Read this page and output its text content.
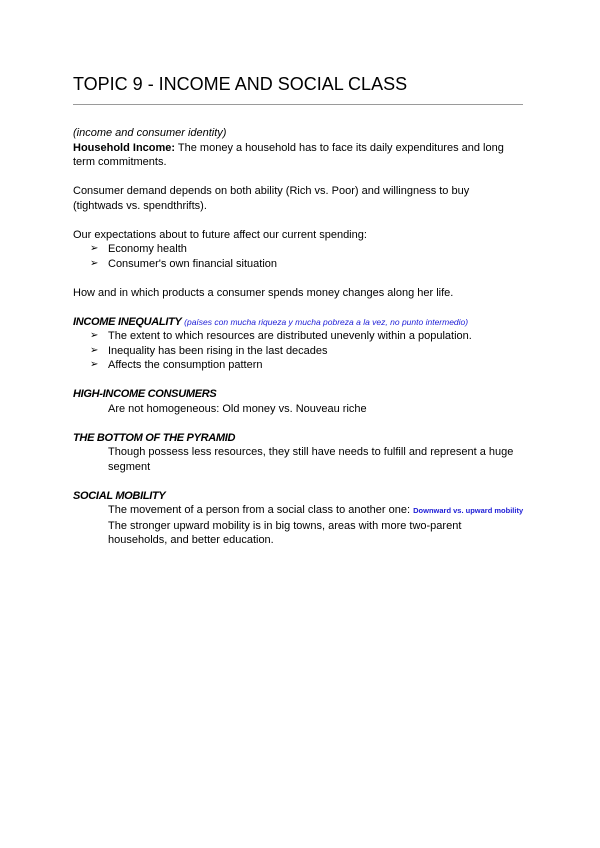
TOPIC 9 - INCOME AND SOCIAL CLASS
(income and consumer identity)
Household Income: The money a household has to face its daily expenditures and long
term commitments.
Consumer demand depends on both ability (Rich vs. Poor) and willingness to buy
(tightwads vs. spendthrifts).
Our expectations about to future affect our current spending:
➢ Economy health
➢ Consumer's own financial situation
How and in which products a consumer spends money changes along her life.
INCOME INEQUALITY (países con mucha riqueza y mucha pobreza a la vez, no punto intermedio)
➢ The extent to which resources are distributed unevenly within a population.
➢ Inequality has been rising in the last decades
➢ Affects the consumption pattern
HIGH-INCOME CONSUMERS
Are not homogeneous: Old money vs. Nouveau riche
THE BOTTOM OF THE PYRAMID
Though possess less resources, they still have needs to fulfill and represent a huge
segment
SOCIAL MOBILITY
The movement of a person from a social class to another one: Downward vs. upward mobility
The stronger upward mobility is in big towns, areas with more two-parent
households, and better education.
